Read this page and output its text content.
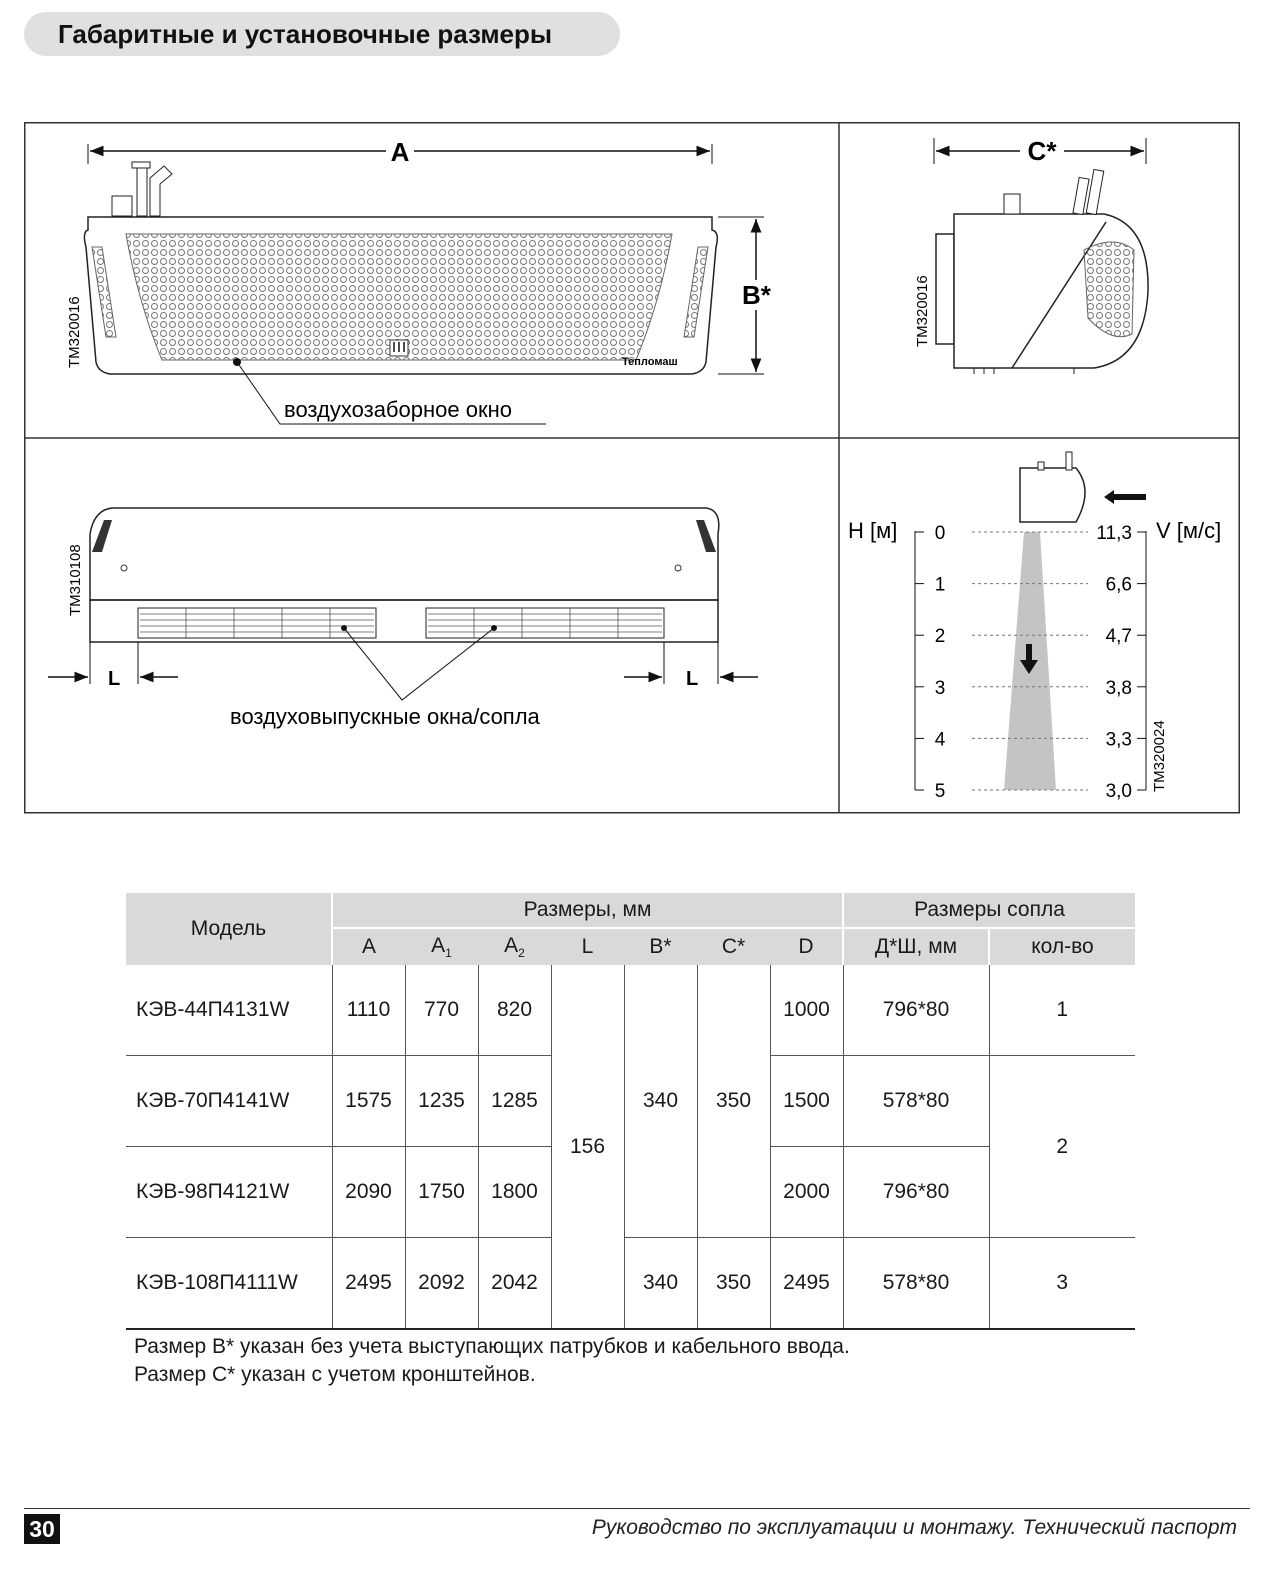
Габаритные и установочные размеры
A
Тепломаш
TM320016
B*
воздухозаборное окно
C*
TM320016
TM310108
L	L
воздуховыпускные окна/сопла
H [м]	V [м/с]
0	11,3
1	6,6
2	4,7
3	3,8
4	3,3
5	3,0 TM320024
Модель	Размеры, мм							Размеры сопла	
	A	$A_1$	$A_2$	L	B*	C*	D	Д*Ш, мм	кол-во
КЭВ-44П4131W	1110	770	820	156	340	350	1000	796*80	1
КЭВ-70П4141W	1575	1235	1285				1500	578*80	2
КЭВ-98П4121W	2090	1750	1800				2000	796*80	
КЭВ-108П4111W	2495	2092	2042		340	350	2495	578*80	3
Размер B* указан без учета выступающих патрубков и кабельного ввода.
Размер С* указан с учетом кронштейнов.
30	Руководство по эксплуатации и монтажу. Технический паспорт
